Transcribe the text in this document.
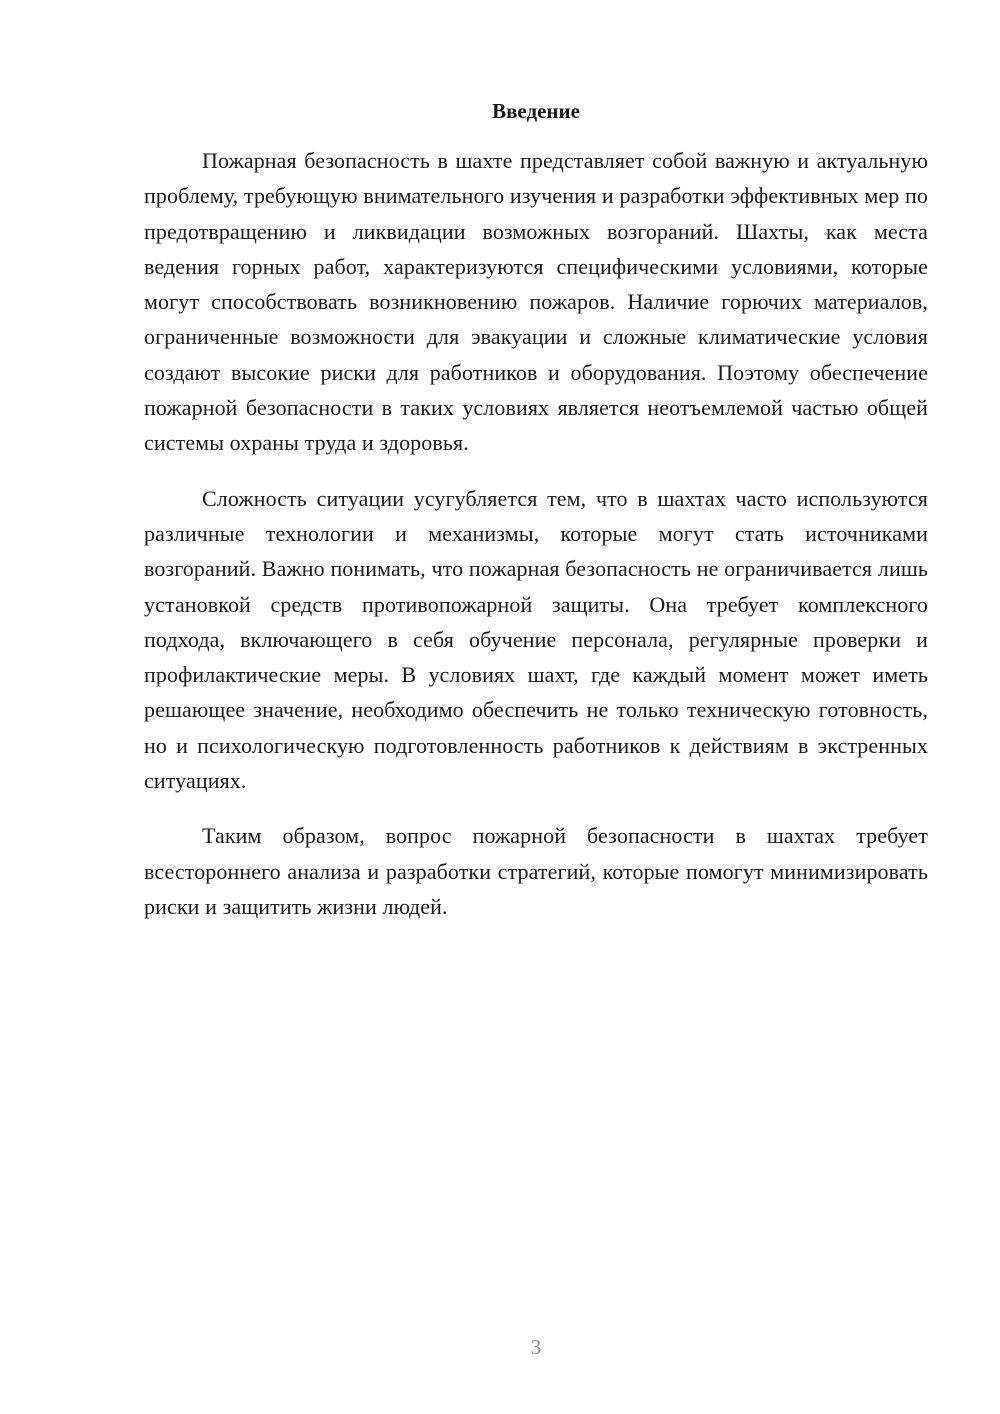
Введение

Пожарная безопасность в шахте представляет собой важную и актуальную проблему, требующую внимательного изучения и разработки эффективных мер по предотвращению и ликвидации возможных возгораний. Шахты, как места ведения горных работ, характеризуются специфическими условиями, которые могут способствовать возникновению пожаров. Наличие горючих материалов, ограниченные возможности для эвакуации и сложные климатические условия создают высокие риски для работников и оборудования. Поэтому обеспечение пожарной безопасности в таких условиях является неотъемлемой частью общей системы охраны труда и здоровья.

Сложность ситуации усугубляется тем, что в шахтах часто используются различные технологии и механизмы, которые могут стать источниками возгораний. Важно понимать, что пожарная безопасность не ограничивается лишь установкой средств противопожарной защиты. Она требует комплексного подхода, включающего в себя обучение персонала, регулярные проверки и профилактические меры. В условиях шахт, где каждый момент может иметь решающее значение, необходимо обеспечить не только техническую готовность, но и психологическую подготовленность работников к действиям в экстренных ситуациях.

Таким образом, вопрос пожарной безопасности в шахтах требует всестороннего анализа и разработки стратегий, которые помогут минимизировать риски и защитить жизни людей.

3
